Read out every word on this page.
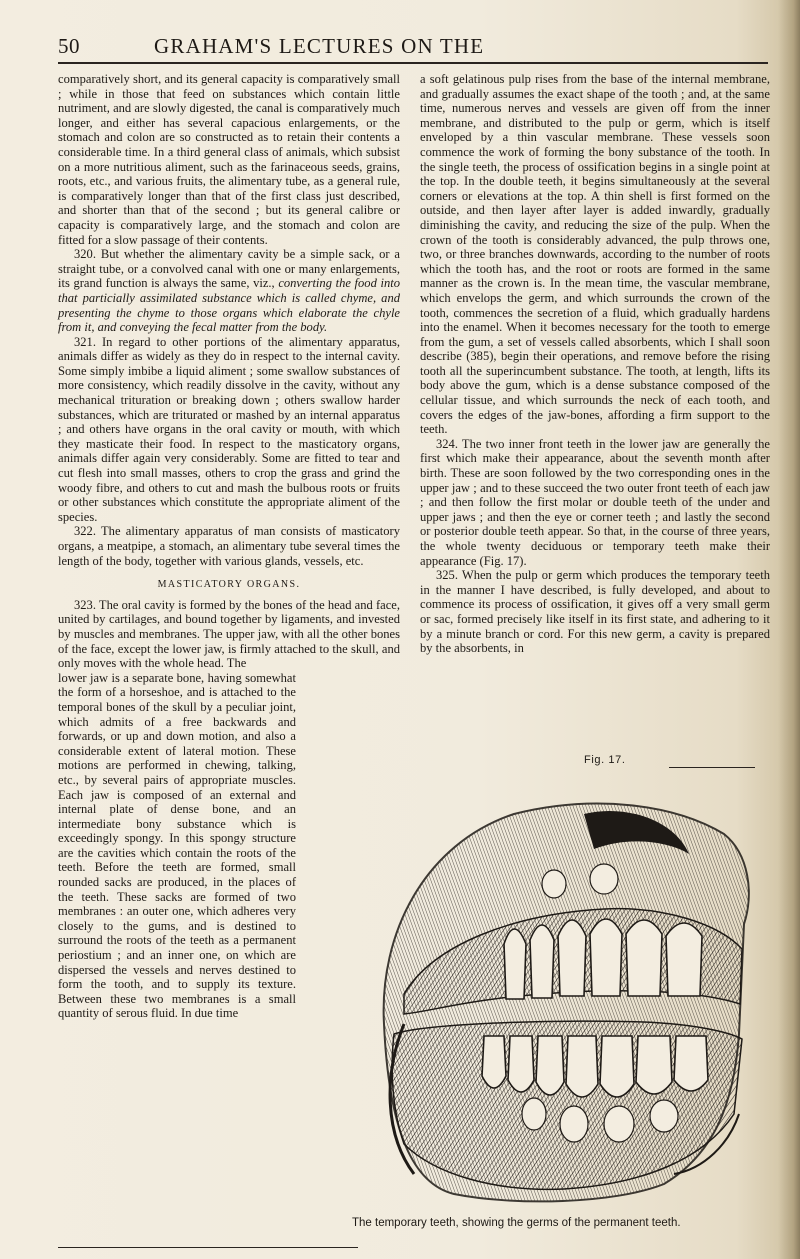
50	GRAHAM'S LECTURES ON THE

comparatively short, and its general capacity is comparatively small ; while in those that feed on substances which contain little nutriment, and are slowly digested, the canal is comparatively much longer, and either has several capacious enlargements, or the stomach and colon are so constructed as to retain their contents a considerable time. In a third general class of animals, which subsist on a more nutritious aliment, such as the farinaceous seeds, grains, roots, etc., and various fruits, the alimentary tube, as a general rule, is comparatively longer than that of the first class just described, and shorter than that of the second ; but its general calibre or capacity is comparatively large, and the stomach and colon are fitted for a slow passage of their contents.

320. But whether the alimentary cavity be a simple sack, or a straight tube, or a convolved canal with one or many enlargements, its grand function is always the same, viz., converting the food into that particially assimilated substance which is called chyme, and presenting the chyme to those organs which elaborate the chyle from it, and conveying the fecal matter from the body.

321. In regard to other portions of the alimentary apparatus, animals differ as widely as they do in respect to the internal cavity. Some simply imbibe a liquid aliment ; some swallow substances of more consistency, which readily dissolve in the cavity, without any mechanical trituration or breaking down ; others swallow harder substances, which are triturated or mashed by an internal apparatus ; and others have organs in the oral cavity or mouth, with which they masticate their food. In respect to the masticatory organs, animals differ again very considerably. Some are fitted to tear and cut flesh into small masses, others to crop the grass and grind the woody fibre, and others to cut and mash the bulbous roots or fruits or other substances which constitute the appropriate aliment of the species.

322. The alimentary apparatus of man consists of masticatory organs, a meatpipe, a stomach, an alimentary tube several times the length of the body, together with various glands, vessels, etc.

MASTICATORY ORGANS.

323. The oral cavity is formed by the bones of the head and face, united by cartilages, and bound together by ligaments, and invested by muscles and membranes. The upper jaw, with all the other bones of the face, except the lower jaw, is firmly attached to the skull, and only moves with the whole head. The

lower jaw is a separate bone, having somewhat the form of a horseshoe, and is attached to the temporal bones of the skull by a peculiar joint, which admits of a free backwards and forwards, or up and down motion, and also a considerable extent of lateral motion. These motions are performed in chewing, talking, etc., by several pairs of appropriate muscles. Each jaw is composed of an external and internal plate of dense bone, and an intermediate bony substance which is exceedingly spongy. In this spongy structure are the cavities which contain the roots of the teeth. Before the teeth are formed, small rounded sacks are produced, in the places of the teeth. These sacks are formed of two membranes : an outer one, which adheres very closely to the gums, and is destined to surround the roots of the teeth as a permanent periostium ; and an inner one, on which are dispersed the vessels and nerves destined to form the tooth, and to supply its texture. Between these two membranes is a small quantity of serous fluid. In due time

a soft gelatinous pulp rises from the base of the internal membrane, and gradually assumes the exact shape of the tooth ; and, at the same time, numerous nerves and vessels are given off from the inner membrane, and distributed to the pulp or germ, which is itself enveloped by a thin vascular membrane. These vessels soon commence the work of forming the bony substance of the tooth. In the single teeth, the process of ossification begins in a single point at the top. In the double teeth, it begins simultaneously at the several corners or elevations at the top. A thin shell is first formed on the outside, and then layer after layer is added inwardly, gradually diminishing the cavity, and reducing the size of the pulp. When the crown of the tooth is considerably advanced, the pulp throws one, two, or three branches downwards, according to the number of roots which the tooth has, and the root or roots are formed in the same manner as the crown is. In the mean time, the vascular membrane, which envelops the germ, and which surrounds the crown of the tooth, commences the secretion of a fluid, which gradually hardens into the enamel. When it becomes necessary for the tooth to emerge from the gum, a set of vessels called absorbents, which I shall soon describe (385), begin their operations, and remove before the rising tooth all the superincumbent substance. The tooth, at length, lifts its body above the gum, which is a dense substance composed of the cellular tissue, and which surrounds the neck of each tooth, and covers the edges of the jaw-bones, affording a firm support to the teeth.

324. The two inner front teeth in the lower jaw are generally the first which make their appearance, about the seventh month after birth. These are soon followed by the two corresponding ones in the upper jaw ; and to these succeed the two outer front teeth of each jaw ; and then follow the first molar or double teeth of the under and upper jaws ; and then the eye or corner teeth ; and lastly the second or posterior double teeth appear. So that, in the course of three years, the whole twenty deciduous or temporary teeth make their appearance (Fig. 17).

325. When the pulp or germ which produces the temporary teeth in the manner I have described, is fully developed, and about to commence its process of ossification, it gives off a very small germ or sac, formed precisely like itself in its first state, and adhering to it by a minute branch or cord. For this new germ, a cavity is prepared by the absorbents, in

Fig. 17.
The temporary teeth, showing the germs of the permanent teeth.
